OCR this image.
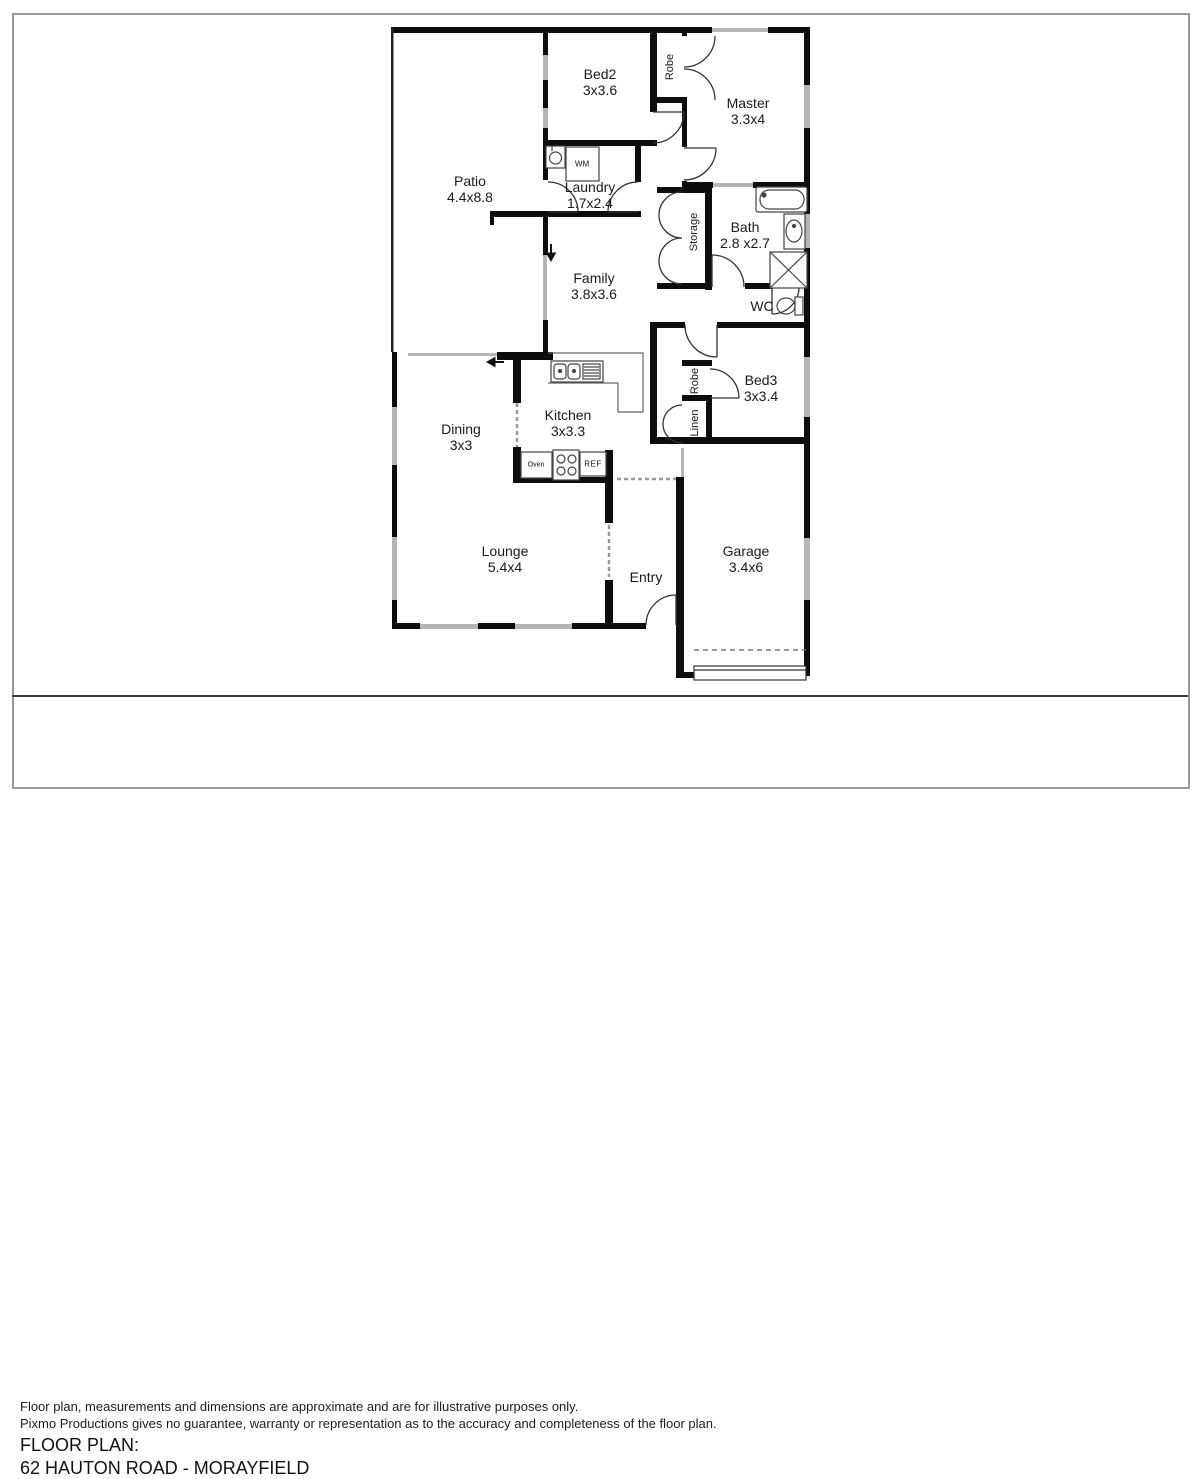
Patio
4.4x8.8
Bed2
3x3.6
Master
3.3x4
Laundry
1.7x2.4
Bath
2.8 x2.7
Family
3.8x3.6
WC
Bed3
3x3.4
Kitchen
3x3.3
Dining
3x3
Lounge
5.4x4
Entry
Garage
3.4x6
Robe
Storage
Robe
Linen
WM
Oven	REF
Floor plan, measurements and dimensions are approximate and are for illustrative purposes only.
Pixmo Productions gives no guarantee, warranty or representation as to the accuracy and completeness of the floor plan.
FLOOR PLAN:
62 HAUTON ROAD - MORAYFIELD
